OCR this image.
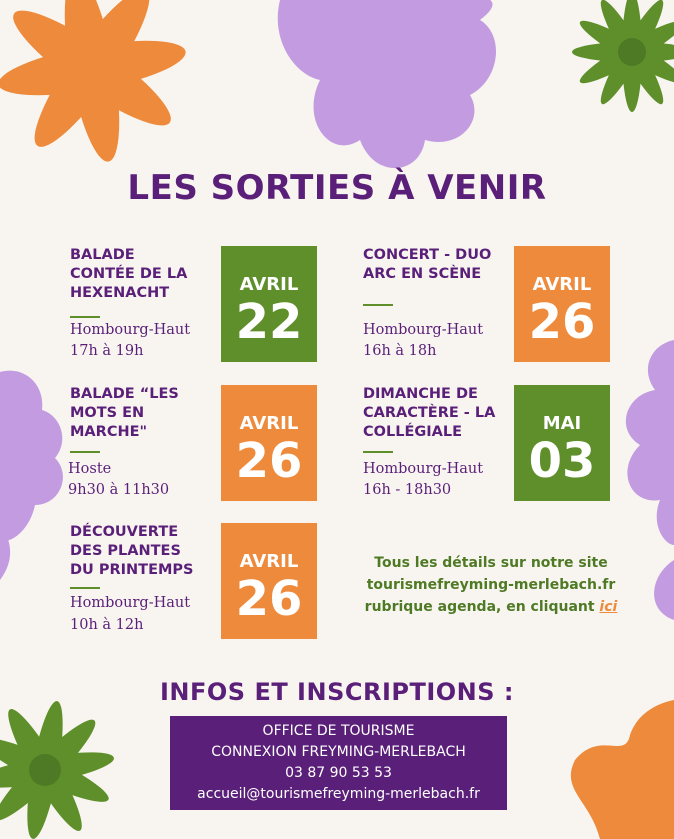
LES SORTIES À VENIR
BALADE
CONTÉE DE LA
HEXENACHT
Hombourg-Haut
17h à 19h
AVRIL
22
CONCERT - DUO
ARC EN SCÈNE
Hombourg-Haut
16h à 18h
AVRIL
26
BALADE “LES
MOTS EN
MARCHE"
Hoste
9h30 à 11h30
AVRIL
26
DIMANCHE DE
CARACTÈRE - LA
COLLÉGIALE
Hombourg-Haut
16h - 18h30
MAI
03
DÉCOUVERTE
DES PLANTES
DU PRINTEMPS
Hombourg-Haut
10h à 12h
AVRIL
26
Tous les détails sur notre site
tourismefreyming-merlebach.fr
rubrique agenda, en cliquant ici
INFOS ET INSCRIPTIONS :
OFFICE DE TOURISME
CONNEXION FREYMING-MERLEBACH
03 87 90 53 53
accueil@tourismefreyming-merlebach.fr
